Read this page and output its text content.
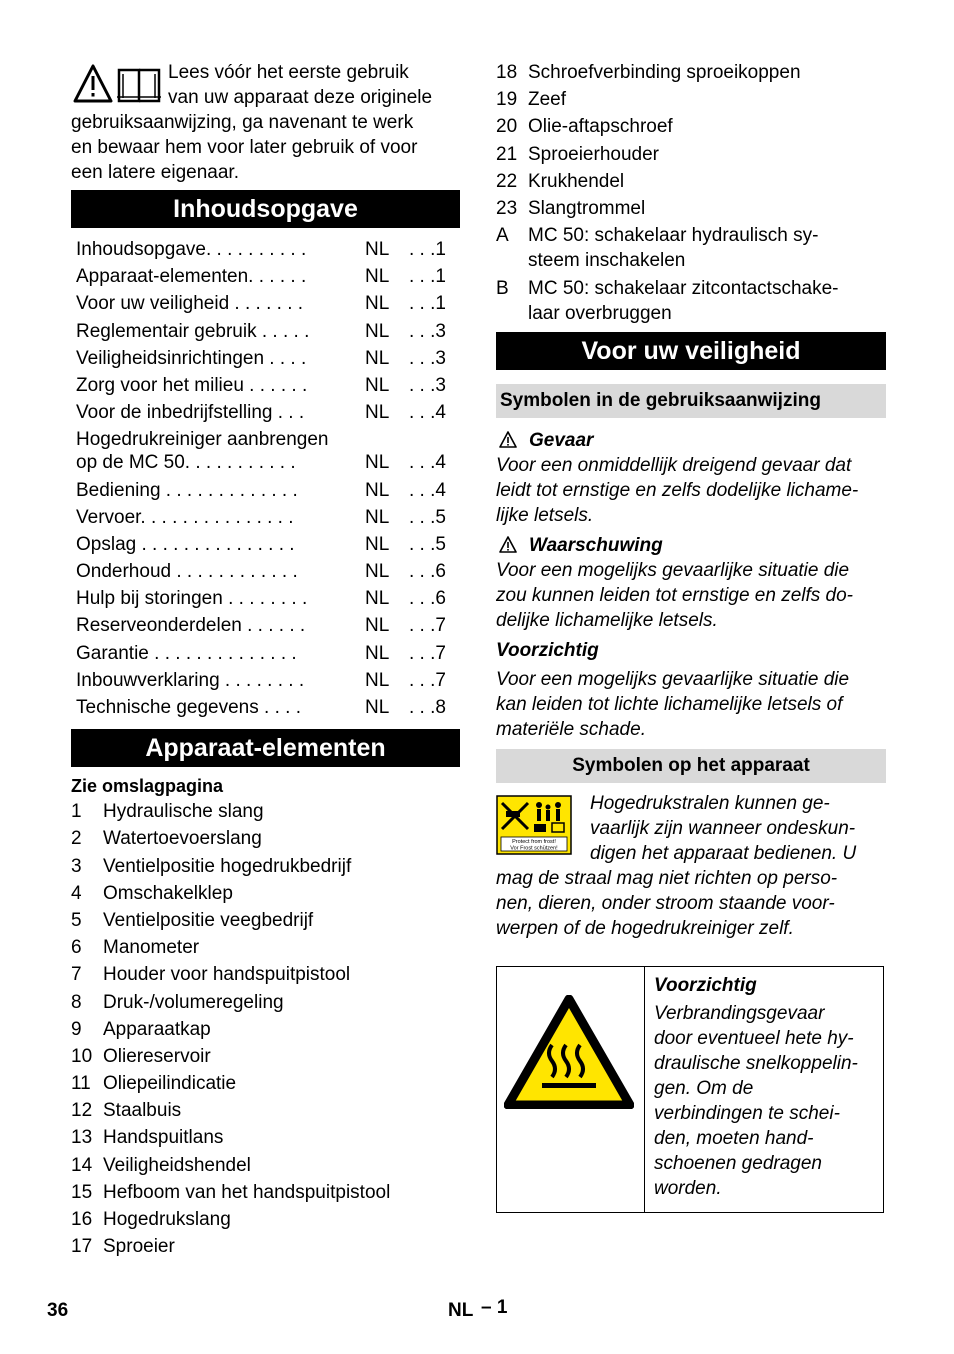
Lees vóór het eerste gebruik
van uw apparaat deze originele
gebruiksaanwijzing, ga navenant te werk
en bewaar hem voor later gebruik of voor
een latere eigenaar.
Inhoudsopgave
Inhoudsopgave. . . . . . . . . .	NL . . .1
Apparaat-elementen. . . . . .	NL . . .1
Voor uw veiligheid . . . . . . .	NL . . .1
Reglementair gebruik . . . . .	NL . . .3
Veiligheidsinrichtingen . . . .	NL . . .3
Zorg voor het milieu . . . . . .	NL . . .3
Voor de inbedrijfstelling . . .	NL . . .4
Hogedrukreiniger aanbrengen
op de MC 50. . . . . . . . . . .	NL . . .4
Bediening . . . . . . . . . . . . .	NL . . .4
Vervoer. . . . . . . . . . . . . . .	NL . . .5
Opslag . . . . . . . . . . . . . . .	NL . . .5
Onderhoud . . . . . . . . . . . .	NL . . .6
Hulp bij storingen . . . . . . . .	NL . . .6
Reserveonderdelen . . . . . .	NL . . .7
Garantie . . . . . . . . . . . . . .	NL . . .7
Inbouwverklaring . . . . . . . .	NL . . .7
Technische gegevens . . . .	NL . . .8
Apparaat-elementen
Zie omslagpagina
1 Hydraulische slang
2 Watertoevoerslang
3 Ventielpositie hogedrukbedrijf
4 Omschakelklep
5 Ventielpositie veegbedrijf
6 Manometer
7 Houder voor handspuitpistool
8 Druk-/volumeregeling
9 Apparaatkap
10 Oliereservoir
11 Oliepeilindicatie
12 Staalbuis
13 Handspuitlans
14 Veiligheidshendel
15 Hefboom van het handspuitpistool
16 Hogedrukslang
17 Sproeier
18 Schroefverbinding sproeikoppen
19 Zeef
20 Olie-aftapschroef
21 Sproeierhouder
22 Krukhendel
23 Slangtrommel
A MC 50: schakelaar hydraulisch sy-
steem inschakelen
B MC 50: schakelaar zitcontactschake-
laar overbruggen
Voor uw veiligheid
Symbolen in de gebruiksaanwijzing
Gevaar
Voor een onmiddellijk dreigend gevaar dat
leidt tot ernstige en zelfs dodelijke lichame-
lijke letsels.
Waarschuwing
Voor een mogelijks gevaarlijke situatie die
zou kunnen leiden tot ernstige en zelfs do-
delijke lichamelijke letsels.
Voorzichtig
Voor een mogelijks gevaarlijke situatie die
kan leiden tot lichte lichamelijke letsels of
materiële schade.
Symbolen op het apparaat
Protect from frost!
Vor Frost schützen!
Hogedrukstralen kunnen ge-
vaarlijk zijn wanneer ondeskun-
digen het apparaat bedienen. U
mag de straal mag niet richten op perso-
nen, dieren, onder stroom staande voor-
werpen of de hogedrukreiniger zelf.
Voorzichtig
Verbrandingsgevaar
door eventueel hete hy-
draulische snelkoppelin-
gen. Om de
verbindingen te schei-
den, moeten hand-
schoenen gedragen
worden.
36	NL – 1
